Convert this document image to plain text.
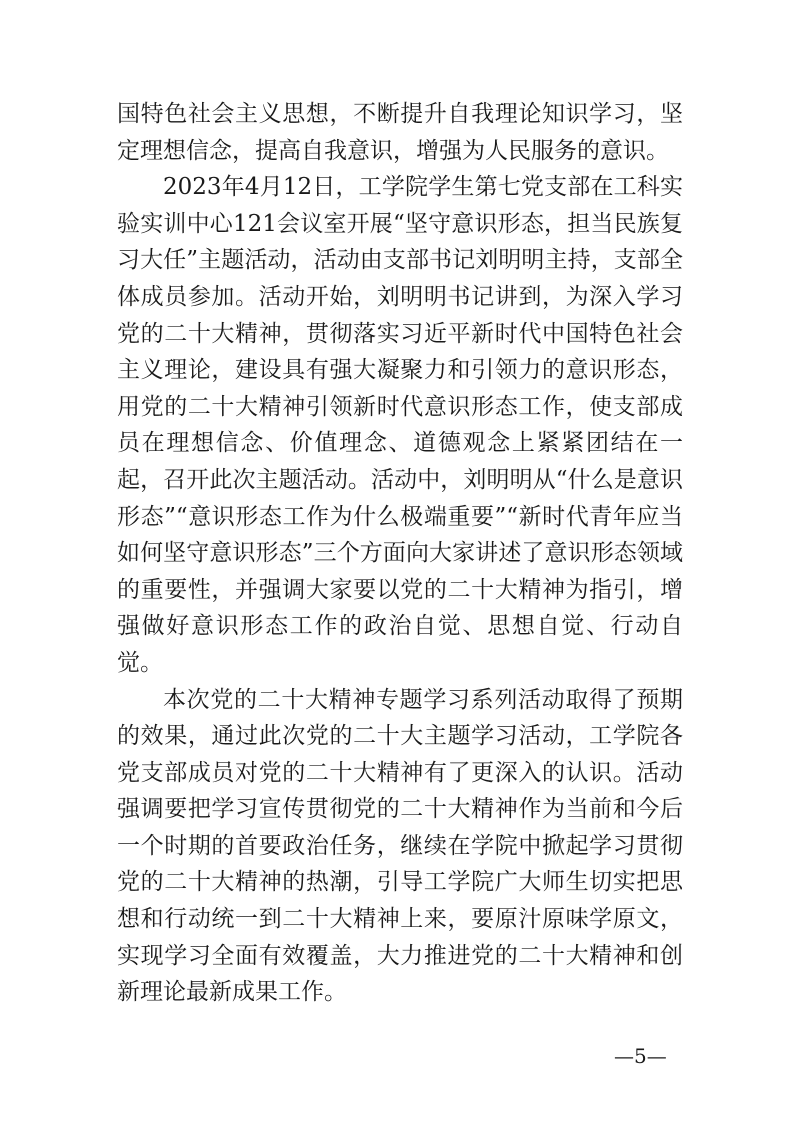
国特色社会主义思想，不断提升自我理论知识学习，坚定理想信念，提高自我意识，增强为人民服务的意识。

2023年4月12日，工学院学生第七党支部在工科实验实训中心121会议室开展“坚守意识形态，担当民族复习大任”主题活动，活动由支部书记刘明明主持，支部全体成员参加。活动开始，刘明明书记讲到，为深入学习党的二十大精神，贯彻落实习近平新时代中国特色社会主义理论，建设具有强大凝聚力和引领力的意识形态，用党的二十大精神引领新时代意识形态工作，使支部成员在理想信念、价值理念、道德观念上紧紧团结在一起，召开此次主题活动。活动中，刘明明从“什么是意识形态”“意识形态工作为什么极端重要”“新时代青年应当如何坚守意识形态”三个方面向大家讲述了意识形态领域的重要性，并强调大家要以党的二十大精神为指引，增强做好意识形态工作的政治自觉、思想自觉、行动自觉。

本次党的二十大精神专题学习系列活动取得了预期的效果，通过此次党的二十大主题学习活动，工学院各党支部成员对党的二十大精神有了更深入的认识。活动强调要把学习宣传贯彻党的二十大精神作为当前和今后一个时期的首要政治任务，继续在学院中掀起学习贯彻党的二十大精神的热潮，引导工学院广大师生切实把思想和行动统一到二十大精神上来，要原汁原味学原文，实现学习全面有效覆盖，大力推进党的二十大精神和创新理论最新成果工作。

—5—
